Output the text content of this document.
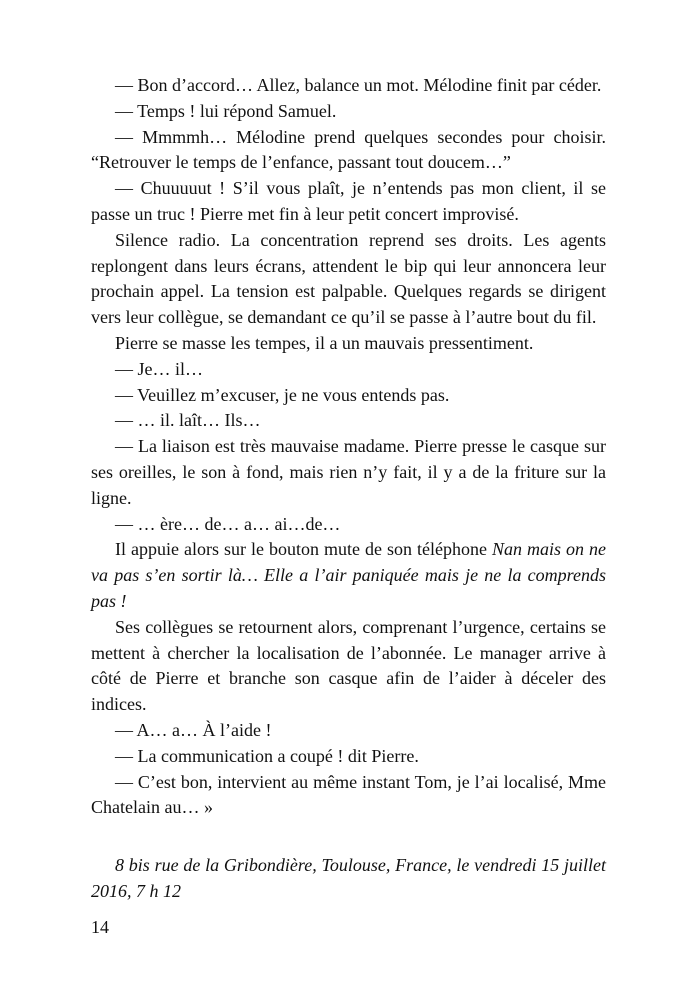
— Bon d’accord… Allez, balance un mot. Mélodine finit par céder.

— Temps ! lui répond Samuel.

— Mmmmh… Mélodine prend quelques secondes pour choisir. “Retrouver le temps de l’enfance, passant tout doucem…”

— Chuuuuut ! S’il vous plaît, je n’entends pas mon client, il se passe un truc ! Pierre met fin à leur petit concert improvisé.

Silence radio. La concentration reprend ses droits. Les agents replongent dans leurs écrans, attendent le bip qui leur annoncera leur prochain appel. La tension est palpable. Quelques regards se dirigent vers leur collègue, se demandant ce qu’il se passe à l’autre bout du fil.

Pierre se masse les tempes, il a un mauvais pressentiment.

— Je… il…

— Veuillez m’excuser, je ne vous entends pas.

— … il. laît… Ils…

— La liaison est très mauvaise madame. Pierre presse le casque sur ses oreilles, le son à fond, mais rien n’y fait, il y a de la friture sur la ligne.

— … ère… de… a… ai…de…

Il appuie alors sur le bouton mute de son téléphone Nan mais on ne va pas s’en sortir là… Elle a l’air paniquée mais je ne la comprends pas !

Ses collègues se retournent alors, comprenant l’urgence, certains se mettent à chercher la localisation de l’abonnée. Le manager arrive à côté de Pierre et branche son casque afin de l’aider à déceler des indices.

— A… a… À l’aide !

— La communication a coupé ! dit Pierre.

— C’est bon, intervient au même instant Tom, je l’ai localisé, Mme Chatelain au… »

8 bis rue de la Gribondière, Toulouse, France, le vendredi 15 juillet 2016, 7 h 12

14
